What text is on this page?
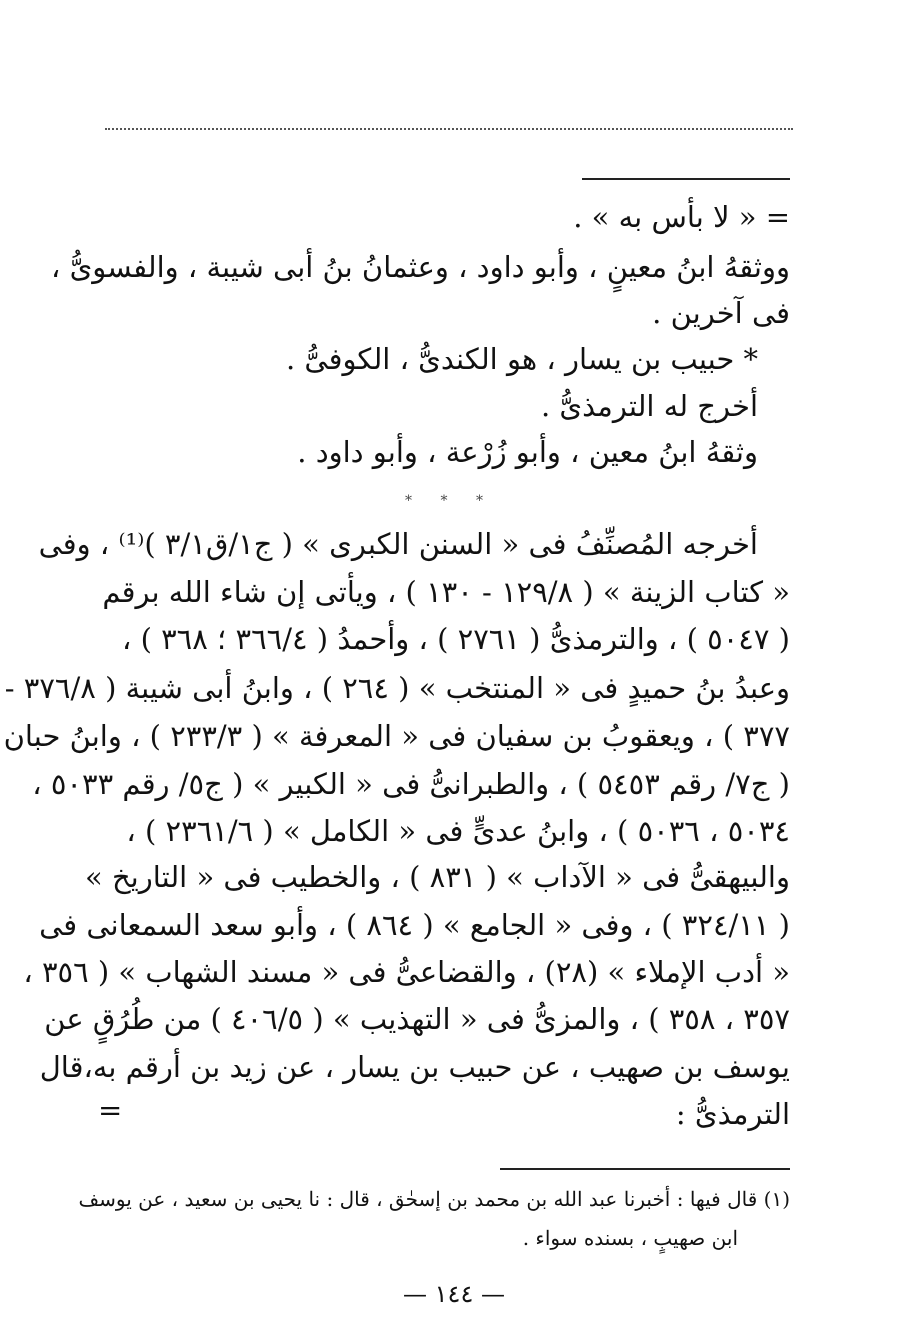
= « لا بأس به » .
ووثقهُ ابنُ معينٍ ، وأبو داود ، وعثمانُ بنُ أبى شيبة ، والفسوىُّ ،
فى آخرين .
* حبيب بن يسار ، هو الكندىُّ ، الكوفىُّ .
أخرج له الترمذىُّ .
وثقهُ ابنُ معين ، وأبو زُرْعة ، وأبو داود .
* * *
أخرجه المُصنِّفُ فى « السنن الكبرى » ( ج١/ق٣/١ )⁽¹⁾ ، وفى
« كتاب الزينة » ( ١٢٩/٨ - ١٣٠ ) ، ويأتى إن شاء الله برقم
( ٥٠٤٧ ) ، والترمذىُّ ( ٢٧٦١ ) ، وأحمدُ ( ٣٦٦/٤ ؛ ٣٦٨ ) ،
وعبدُ بنُ حميدٍ فى « المنتخب » ( ٢٦٤ ) ، وابنُ أبى شيبة ( ٣٧٦/٨ -
٣٧٧ ) ، ويعقوبُ بن سفيان فى « المعرفة » ( ٢٣٣/٣ ) ، وابنُ حبان
( ج٧/ رقم ٥٤٥٣ ) ، والطبرانىُّ فى « الكبير » ( ج٥/ رقم ٥٠٣٣ ،
٥٠٣٤ ، ٥٠٣٦ ) ، وابنُ عدىٍّ فى « الكامل » ( ٢٣٦١/٦ ) ،
والبيهقىُّ فى « الآداب » ( ٨٣١ ) ، والخطيب فى « التاريخ »
( ٣٢٤/١١ ) ، وفى « الجامع » ( ٨٦٤ ) ، وأبو سعد السمعانى فى
« أدب الإملاء » (٢٨) ، والقضاعىُّ فى « مسند الشهاب » ( ٣٥٦ ،
٣٥٧ ، ٣٥٨ ) ، والمزىُّ فى « التهذيب » ( ٤٠٦/٥ ) من طُرُقٍ عن
يوسف بن صهيب ، عن حبيب بن يسار ، عن زيد بن أرقم به،قال
الترمذىُّ :
=
(١) قال فيها : أخبرنا عبد الله بن محمد بن إسحٰق ، قال : نا يحيى بن سعيد ، عن يوسف
ابن صهيبٍ ، بسنده سواء .
— ١٤٤ —
